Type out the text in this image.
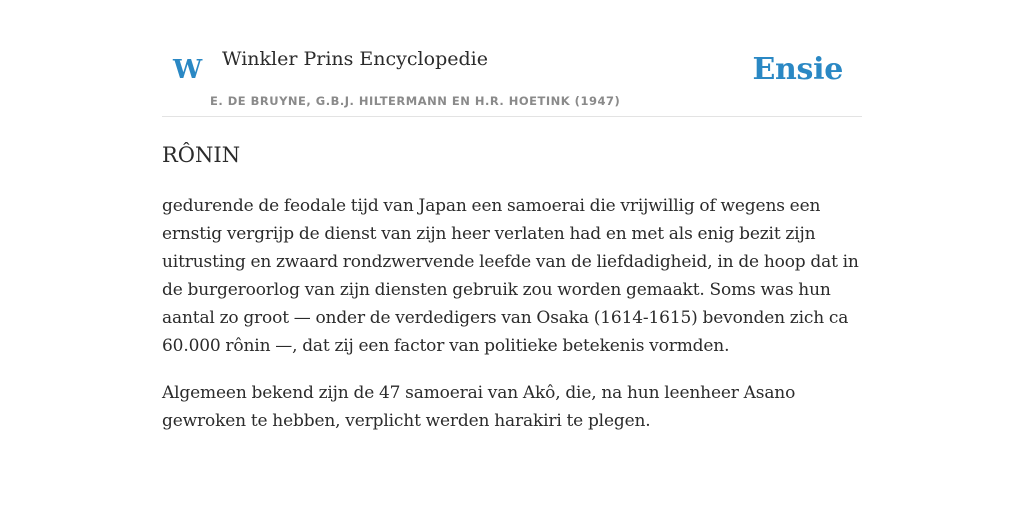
W Winkler Prins Encyclopedie
E. DE BRUYNE, G.B.J. HILTERMANN EN H.R. HOETINK (1947)
Ensie
RÔNIN

gedurende de feodale tijd van Japan een samoerai die vrijwillig of wegens een ernstig vergrijp de dienst van zijn heer verlaten had en met als enig bezit zijn uitrusting en zwaard rondzwervende leefde van de liefdadigheid, in de hoop dat in de burgeroorlog van zijn diensten gebruik zou worden gemaakt. Soms was hun aantal zo groot — onder de verdedigers van Osaka (1614-1615) bevonden zich ca 60.000 rônin —, dat zij een factor van politieke betekenis vormden.

Algemeen bekend zijn de 47 samoerai van Akô, die, na hun leenheer Asano gewroken te hebben, verplicht werden harakiri te plegen.
